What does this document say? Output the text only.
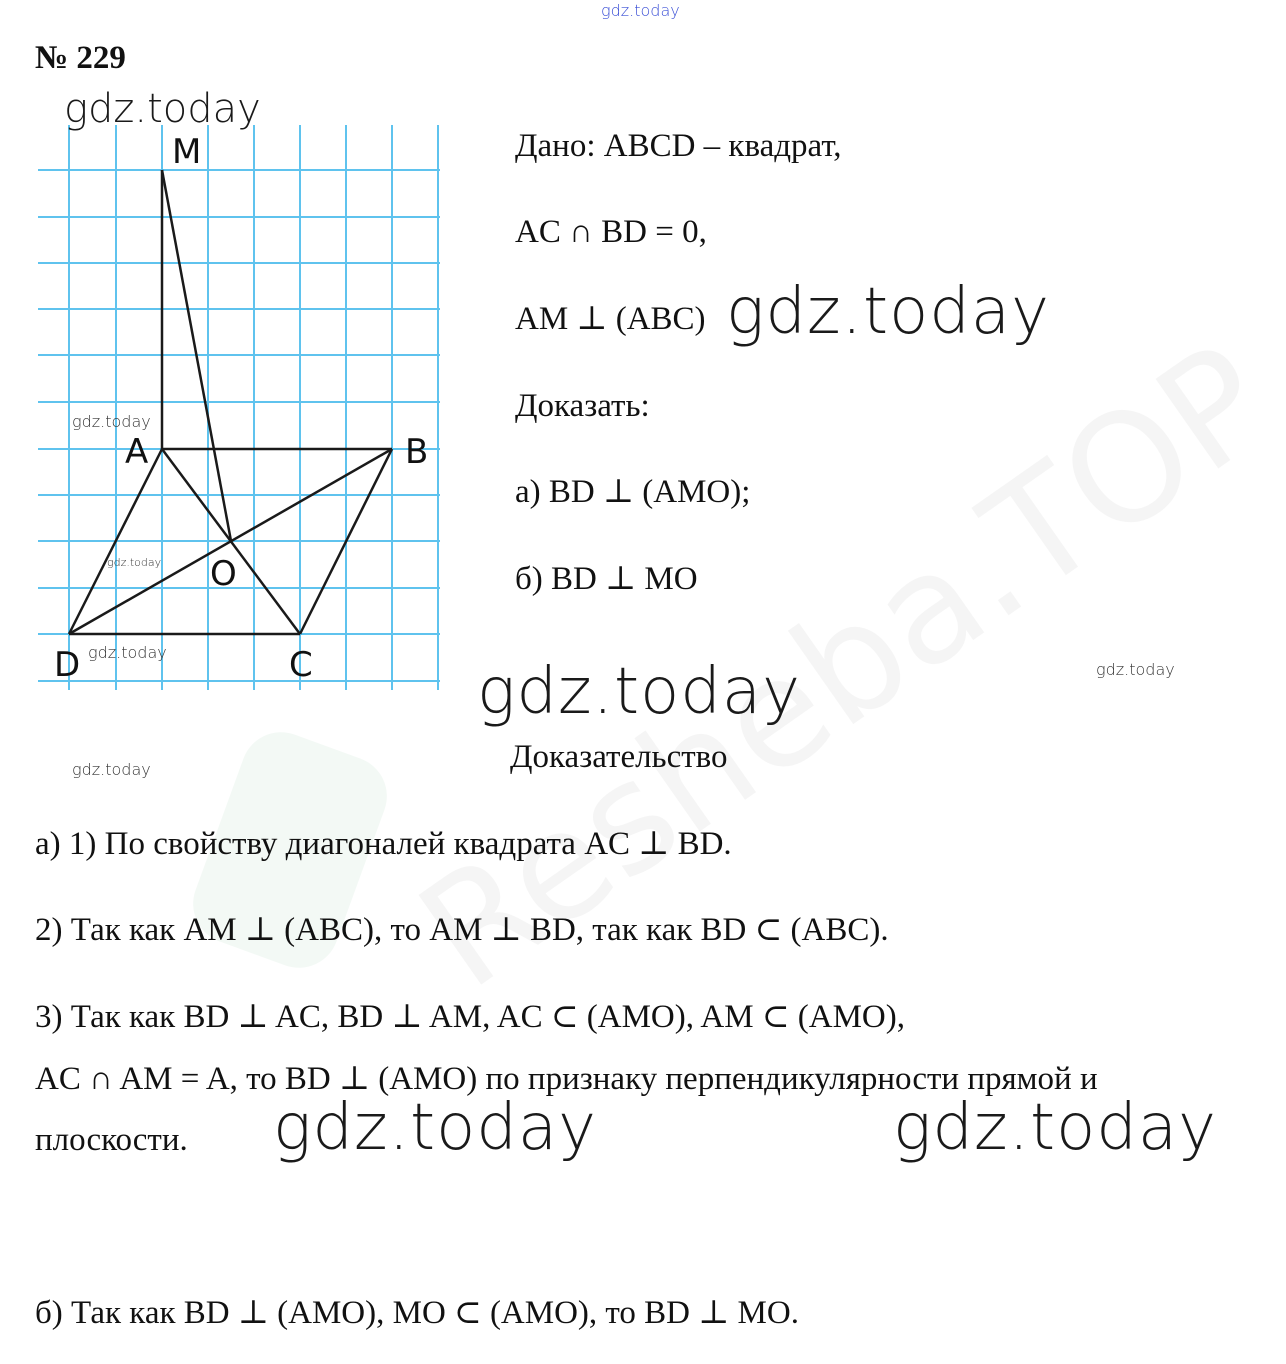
gdz.today
№ 229
M
A	B
O
D	C
gdz.today
gdz.today
gdz.today
gdz.today
gdz.today
Дано: ABCD – квадрат,
AC ∩ BD = 0,
AM ⊥ (ABC) gdz.today
Доказать:
а) BD ⊥ (AMO);
б) BD ⊥ MO
gdz.today
gdz.today
Доказательство
а) 1) По свойству диагоналей квадрата AC ⊥ BD.
2) Так как AM ⊥ (ABC), то AM ⊥ BD, так как BD ⊂ (ABC).
3) Так как BD ⊥ AC, BD ⊥ AM, AC ⊂ (AMO), AM ⊂ (AMO),
AC ∩ AM = A, то BD ⊥ (AMO) по признаку перпендикулярности прямой и
плоскости. gdz.today	gdz.today
б) Так как BD ⊥ (AMO), MO ⊂ (AMO), то BD ⊥ MO.
